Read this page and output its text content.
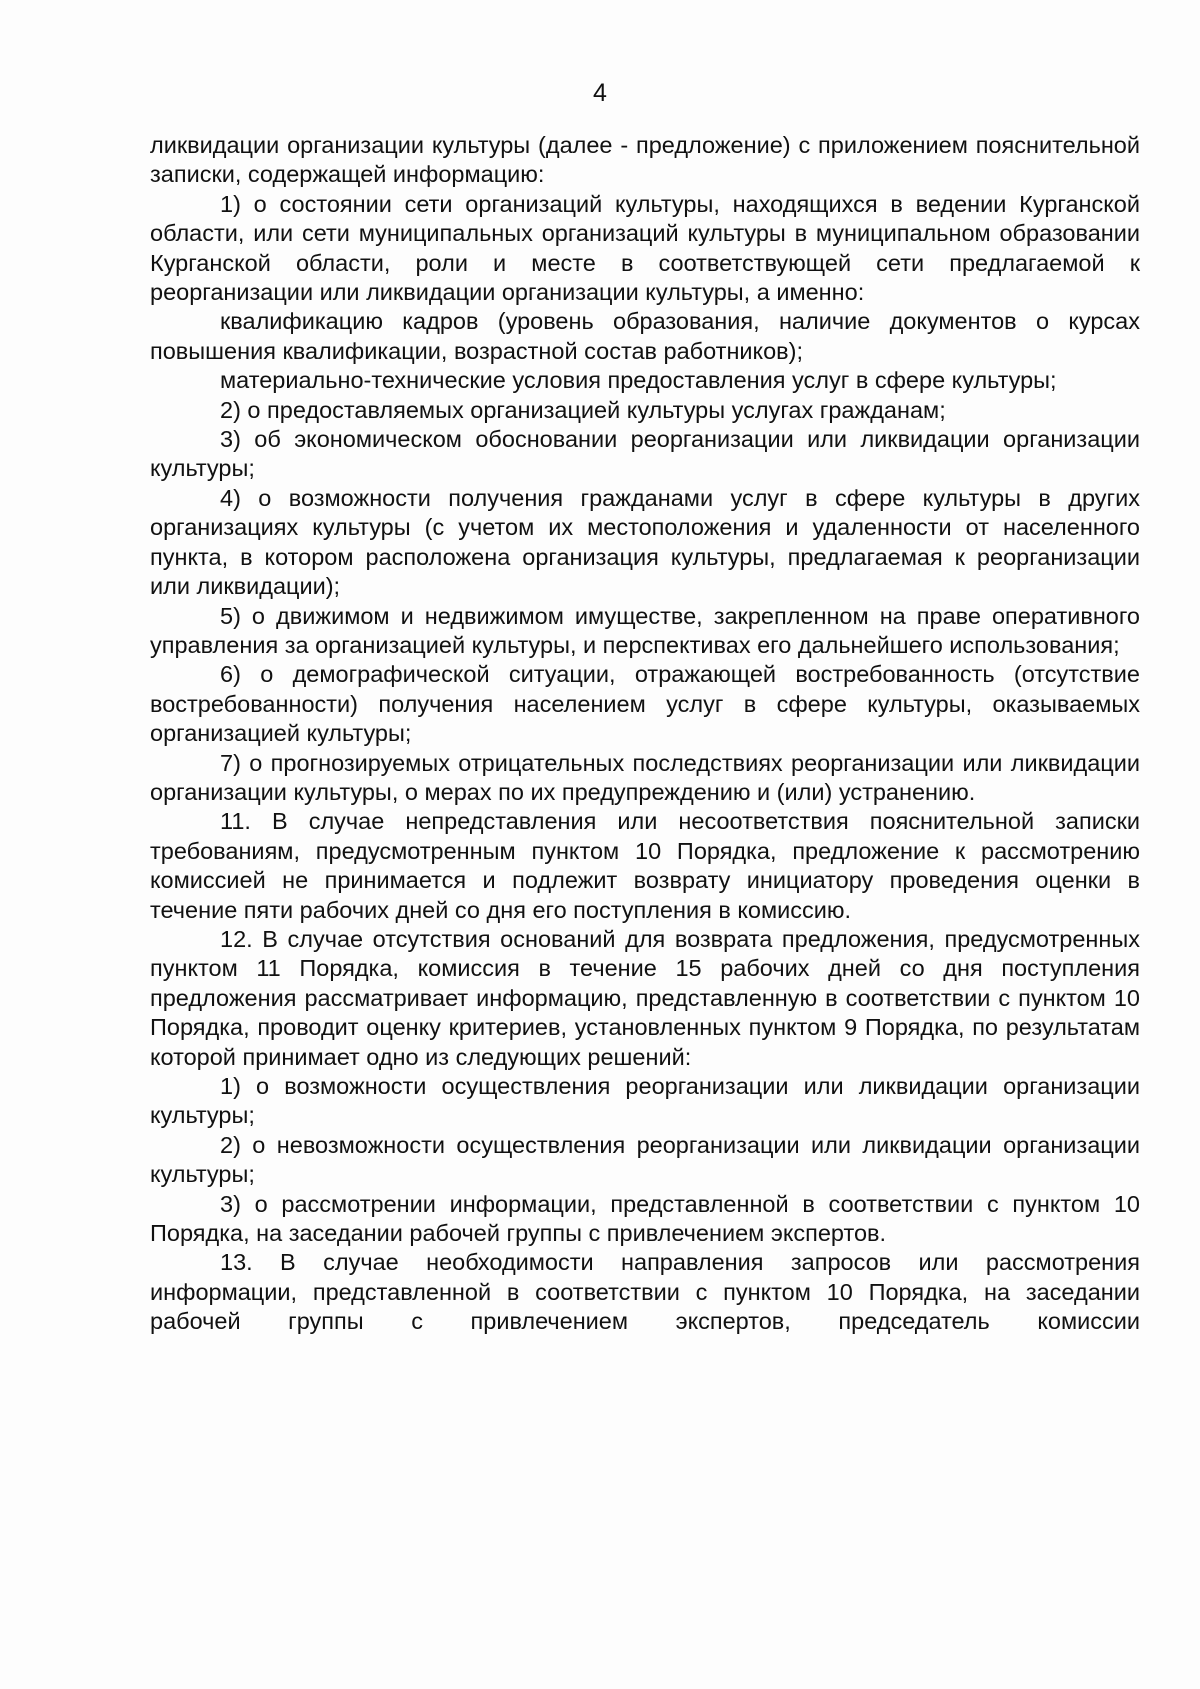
4

ликвидации организации культуры (далее - предложение) с приложением пояснительной записки, содержащей информацию:

1) о состоянии сети организаций культуры, находящихся в ведении Курганской области, или сети муниципальных организаций культуры в муниципальном образовании Курганской области, роли и месте в соответствующей сети предлагаемой к реорганизации или ликвидации организации культуры, а именно:

квалификацию кадров (уровень образования, наличие документов о курсах повышения квалификации, возрастной состав работников);

материально-технические условия предоставления услуг в сфере культуры;

2) о предоставляемых организацией культуры услугах гражданам;

3) об экономическом обосновании реорганизации или ликвидации организации культуры;

4) о возможности получения гражданами услуг в сфере культуры в других организациях культуры (с учетом их местоположения и удаленности от населенного пункта, в котором расположена организация культуры, предлагаемая к реорганизации или ликвидации);

5) о движимом и недвижимом имуществе, закрепленном на праве оперативного управления за организацией культуры, и перспективах его дальнейшего использования;

6) о демографической ситуации, отражающей востребованность (отсутствие востребованности) получения населением услуг в сфере культуры, оказываемых организацией культуры;

7) о прогнозируемых отрицательных последствиях реорганизации или ликвидации организации культуры, о мерах по их предупреждению и (или) устранению.

11. В случае непредставления или несоответствия пояснительной записки требованиям, предусмотренным пунктом 10 Порядка, предложение к рассмотрению комиссией не принимается и подлежит возврату инициатору проведения оценки в течение пяти рабочих дней со дня его поступления в комиссию.

12. В случае отсутствия оснований для возврата предложения, предусмотренных пунктом 11 Порядка, комиссия в течение 15 рабочих дней со дня поступления предложения рассматривает информацию, представленную в соответствии с пунктом 10 Порядка, проводит оценку критериев, установленных пунктом 9 Порядка, по результатам которой принимает одно из следующих решений:

1) о возможности осуществления реорганизации или ликвидации организации культуры;

2) о невозможности осуществления реорганизации или ликвидации организации культуры;

3) о рассмотрении информации, представленной в соответствии с пунктом 10 Порядка, на заседании рабочей группы с привлечением экспертов.

13. В случае необходимости направления запросов или рассмотрения информации, представленной в соответствии с пунктом 10 Порядка, на заседании рабочей группы с привлечением экспертов, председатель комиссии
